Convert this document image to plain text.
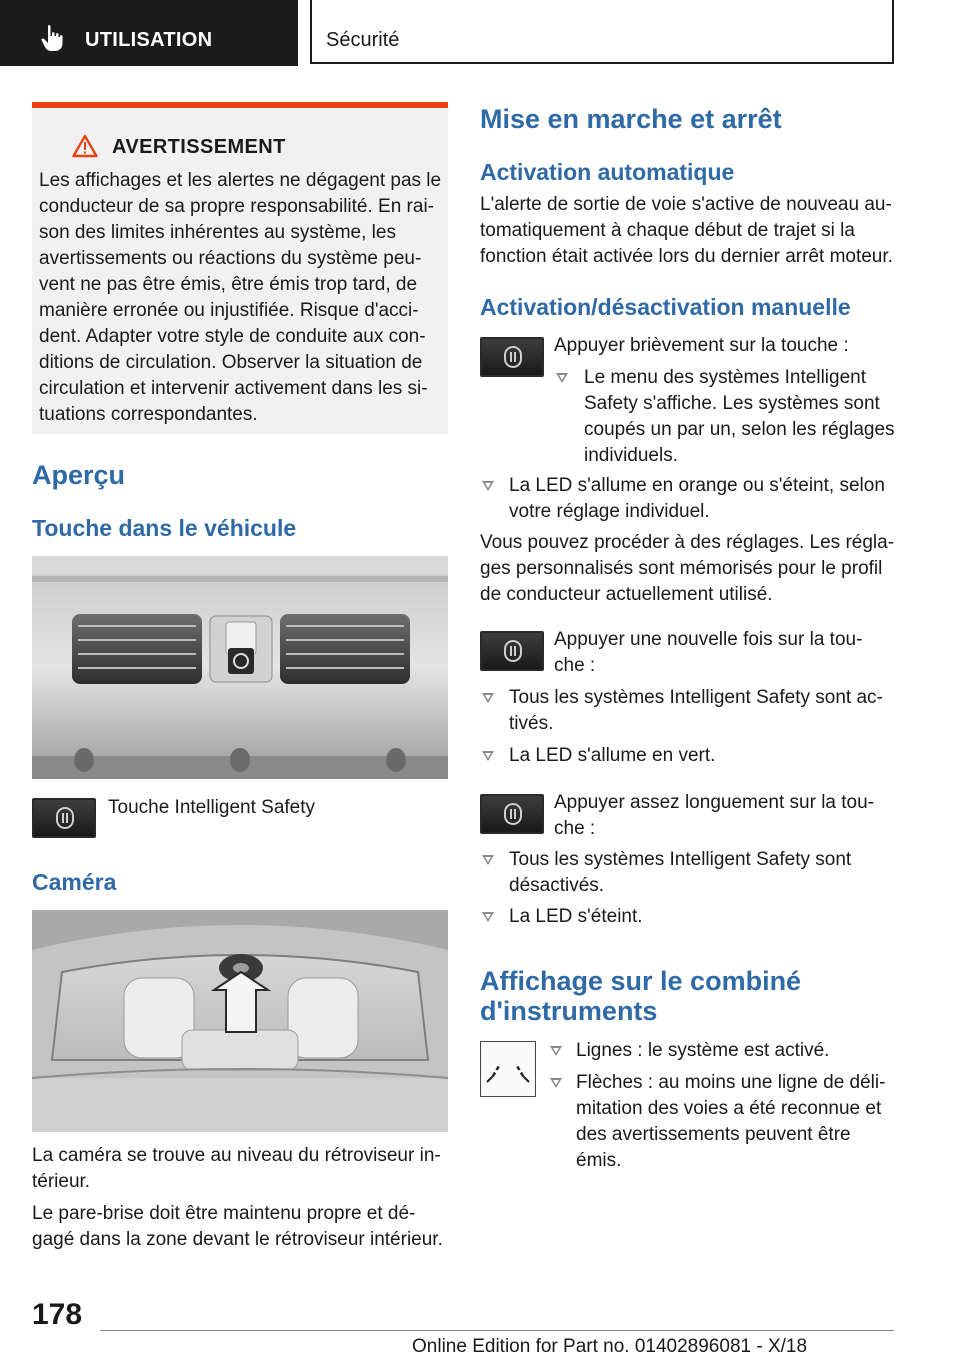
UTILISATION	Sécurité
AVERTISSEMENT

Les affichages et les alertes ne dégagent pas le

conducteur de sa propre responsabilité. En rai-

son des limites inhérentes au système, les

avertissements ou réactions du système peu-

vent ne pas être émis, être émis trop tard, de

manière erronée ou injustifiée. Risque d'acci-

dent. Adapter votre style de conduite aux con-

ditions de circulation. Observer la situation de

circulation et intervenir activement dans les si-

tuations correspondantes.

Aperçu
Touche dans le véhicule
Touche Intelligent Safety
Caméra

La caméra se trouve au niveau du rétroviseur in-

térieur.

Le pare-brise doit être maintenu propre et dé-

gagé dans la zone devant le rétroviseur intérieur.

Mise en marche et arrêt
Activation automatique

L'alerte de sortie de voie s'active de nouveau au-

tomatiquement à chaque début de trajet si la

fonction était activée lors du dernier arrêt moteur.

Activation/désactivation manuelle
Appuyer brièvement sur la touche :

Le menu des systèmes Intelligent

Safety s'affiche. Les systèmes sont

coupés un par un, selon les réglages

individuels.

La LED s'allume en orange ou s'éteint, selon

votre réglage individuel.

Vous pouvez procéder à des réglages. Les régla-

ges personnalisés sont mémorisés pour le profil

de conducteur actuellement utilisé.

Appuyer une nouvelle fois sur la tou-

che :

Tous les systèmes Intelligent Safety sont ac-

tivés.

La LED s'allume en vert.

Appuyer assez longuement sur la tou-

che :

Tous les systèmes Intelligent Safety sont

désactivés.

La LED s'éteint.
Affichage sur le combiné
d'instruments
Lignes : le système est activé.

Flèches : au moins une ligne de déli-

mitation des voies a été reconnue et

des avertissements peuvent être

émis.

178
Online Edition for Part no. 01402896081 - X/18
